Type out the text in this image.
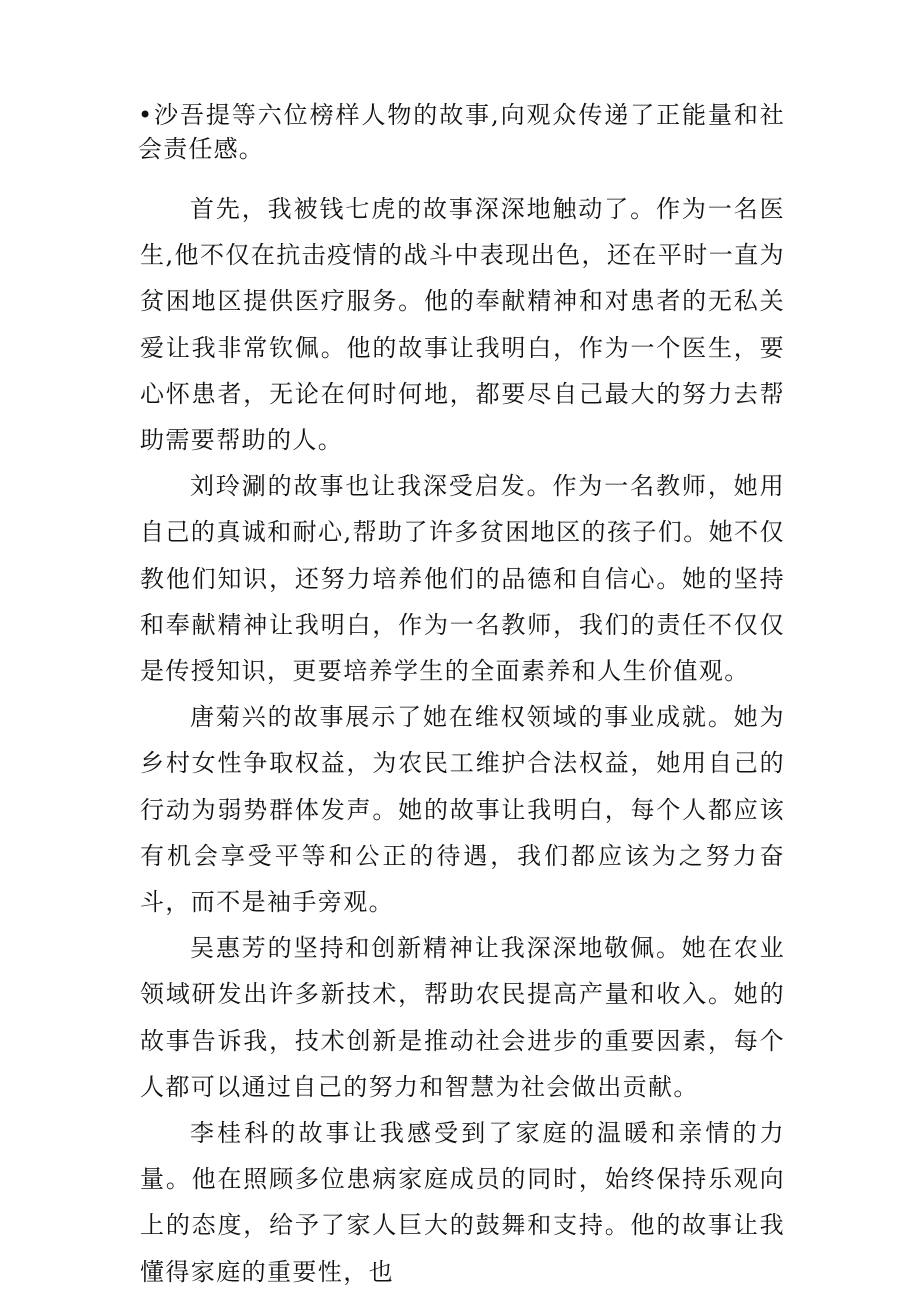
•沙吾提等六位榜样人物的故事,向观众传递了正能量和社会责任感。

首先，我被钱七虎的故事深深地触动了。作为一名医生,他不仅在抗击疫情的战斗中表现出色，还在平时一直为贫困地区提供医疗服务。他的奉献精神和对患者的无私关爱让我非常钦佩。他的故事让我明白，作为一个医生，要心怀患者，无论在何时何地，都要尽自己最大的努力去帮助需要帮助的人。

刘玲涮的故事也让我深受启发。作为一名教师，她用自己的真诚和耐心,帮助了许多贫困地区的孩子们。她不仅教他们知识，还努力培养他们的品德和自信心。她的坚持和奉献精神让我明白，作为一名教师，我们的责任不仅仅是传授知识，更要培养学生的全面素养和人生价值观。

唐菊兴的故事展示了她在维权领域的事业成就。她为乡村女性争取权益，为农民工维护合法权益，她用自己的行动为弱势群体发声。她的故事让我明白，每个人都应该有机会享受平等和公正的待遇，我们都应该为之努力奋斗，而不是袖手旁观。

吴惠芳的坚持和创新精神让我深深地敬佩。她在农业领域研发出许多新技术，帮助农民提高产量和收入。她的故事告诉我，技术创新是推动社会进步的重要因素，每个人都可以通过自己的努力和智慧为社会做出贡献。

李桂科的故事让我感受到了家庭的温暖和亲情的力量。他在照顾多位患病家庭成员的同时，始终保持乐观向上的态度，给予了家人巨大的鼓舞和支持。他的故事让我懂得家庭的重要性，也
